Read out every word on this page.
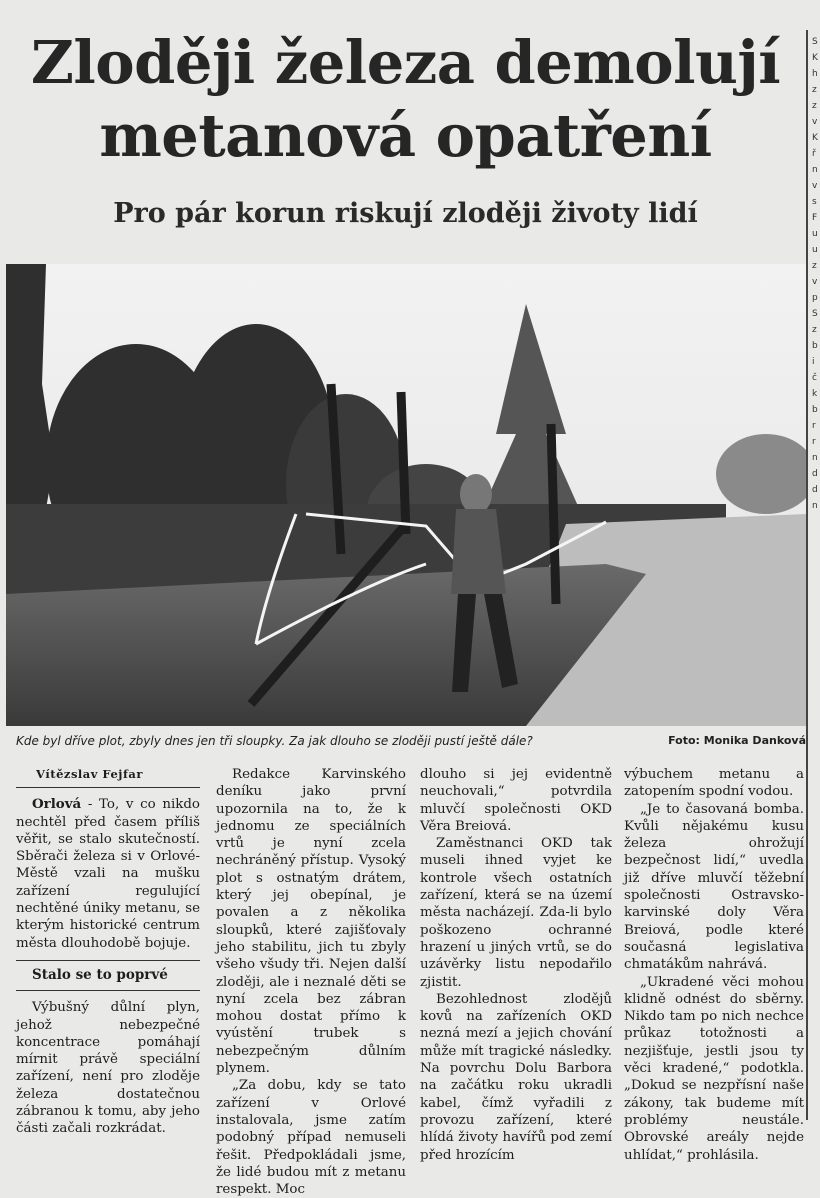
Zloději železa demolují
metanová opatření
Pro pár korun riskují zloději životy lidí
Kde byl dříve plot, zbyly dnes jen tři sloupky. Za jak dlouho se zloději pustí ještě dále?	Foto: Monika Danková
Vítězslav Fejfar

Orlová - To, v co nikdo nechtěl před časem příliš věřit, se stalo skutečností. Sběrači železa si v Orlové-Městě vzali na mušku zařízení regulující nechtěné úniky metanu, se kterým historické centrum města dlouhodobě bojuje.

Stalo se to poprvé

Výbušný důlní plyn, jehož nebezpečné koncentrace pomáhají mírnit právě speciální zařízení, není pro zloděje železa dostatečnou zábranou k tomu, aby jeho části začali rozkrádat.

Redakce Karvinského deníku jako první upozornila na to, že k jednomu ze speciálních vrtů je nyní zcela nechráněný přístup. Vysoký plot s ostnatým drátem, který jej obepínal, je povalen a z několika sloupků, které zajišťovaly jeho stabilitu, jich tu zbyly všeho všudy tři. Nejen další zloději, ale i neznalé děti se nyní zcela bez zábran mohou dostat přímo k vyústění trubek s nebezpečným důlním plynem.

„Za dobu, kdy se tato zařízení v Orlové instalovala, jsme zatím podobný případ nemuseli řešit. Předpokládali jsme, že lidé budou mít z metanu respekt. Moc

dlouho si jej evidentně neuchovali,“ potvrdila mluvčí společnosti OKD Věra Breiová.

Zaměstnanci OKD tak museli ihned vyjet ke kontrole všech ostatních zařízení, která se na území města nacházejí. Zda-li bylo poškozeno ochranné hrazení u jiných vrtů, se do uzávěrky listu nepodařilo zjistit.

Bezohlednost zlodějů kovů na zařízeních OKD nezná mezí a jejich chování může mít tragické následky. Na povrchu Dolu Barbora na začátku roku ukradli kabel, čímž vyřadili z provozu zařízení, které hlídá životy havířů pod zemí před hrozícím

výbuchem metanu a zatopením spodní vodou.

„Je to časovaná bomba. Kvůli nějakému kusu železa ohrožují bezpečnost lidí,“ uvedla již dříve mluvčí těžební společnosti Ostravsko-karvinské doly Věra Breiová, podle které současná legislativa chmatákům nahrává.

„Ukradené věci mohou klidně odnést do sběrny. Nikdo tam po nich nechce průkaz totožnosti a nezjišťuje, jestli jsou ty věci kradené,“ podotkla. „Dokud se nezpřísní naše zákony, tak budeme mít problémy neustále. Obrovské areály nejde uhlídat,“ prohlásila.

S
K
h
z
z
v
K
ř
n
v
s
F
u
u
z
v
p
S
z
b
i
č
k
b
r
r
n
d
d
n
